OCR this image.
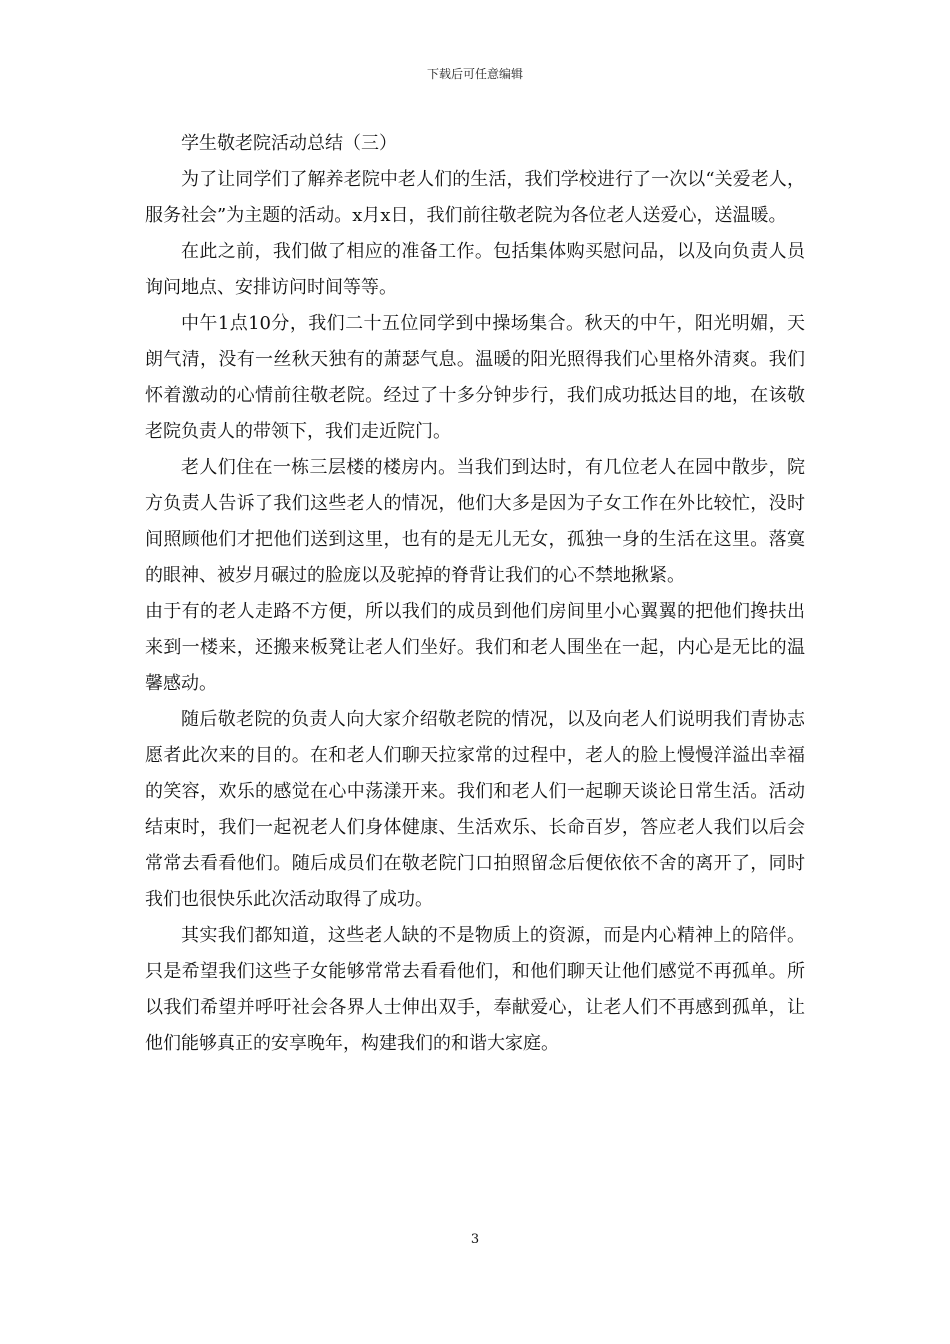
下载后可任意编辑

学生敬老院活动总结（三）

为了让同学们了解养老院中老人们的生活，我们学校进行了一次以“关爱老人，服务社会”为主题的活动。x月x日，我们前往敬老院为各位老人送爱心，送温暖。

在此之前，我们做了相应的准备工作。包括集体购买慰问品，以及向负责人员询问地点、安排访问时间等等。

中午1点10分，我们二十五位同学到中操场集合。秋天的中午，阳光明媚，天朗气清，没有一丝秋天独有的萧瑟气息。温暖的阳光照得我们心里格外清爽。我们怀着激动的心情前往敬老院。经过了十多分钟步行，我们成功抵达目的地，在该敬老院负责人的带领下，我们走近院门。

老人们住在一栋三层楼的楼房内。当我们到达时，有几位老人在园中散步，院方负责人告诉了我们这些老人的情况，他们大多是因为子女工作在外比较忙，没时间照顾他们才把他们送到这里，也有的是无儿无女，孤独一身的生活在这里。落寞的眼神、被岁月碾过的脸庞以及驼掉的脊背让我们的心不禁地揪紧。

由于有的老人走路不方便，所以我们的成员到他们房间里小心翼翼的把他们搀扶出来到一楼来，还搬来板凳让老人们坐好。我们和老人围坐在一起，内心是无比的温馨感动。

随后敬老院的负责人向大家介绍敬老院的情况，以及向老人们说明我们青协志愿者此次来的目的。在和老人们聊天拉家常的过程中，老人的脸上慢慢洋溢出幸福的笑容，欢乐的感觉在心中荡漾开来。我们和老人们一起聊天谈论日常生活。活动结束时，我们一起祝老人们身体健康、生活欢乐、长命百岁，答应老人我们以后会常常去看看他们。随后成员们在敬老院门口拍照留念后便依依不舍的离开了，同时我们也很快乐此次活动取得了成功。

其实我们都知道，这些老人缺的不是物质上的资源，而是内心精神上的陪伴。只是希望我们这些子女能够常常去看看他们，和他们聊天让他们感觉不再孤单。所以我们希望并呼吁社会各界人士伸出双手，奉献爱心，让老人们不再感到孤单，让他们能够真正的安享晚年，构建我们的和谐大家庭。

3
